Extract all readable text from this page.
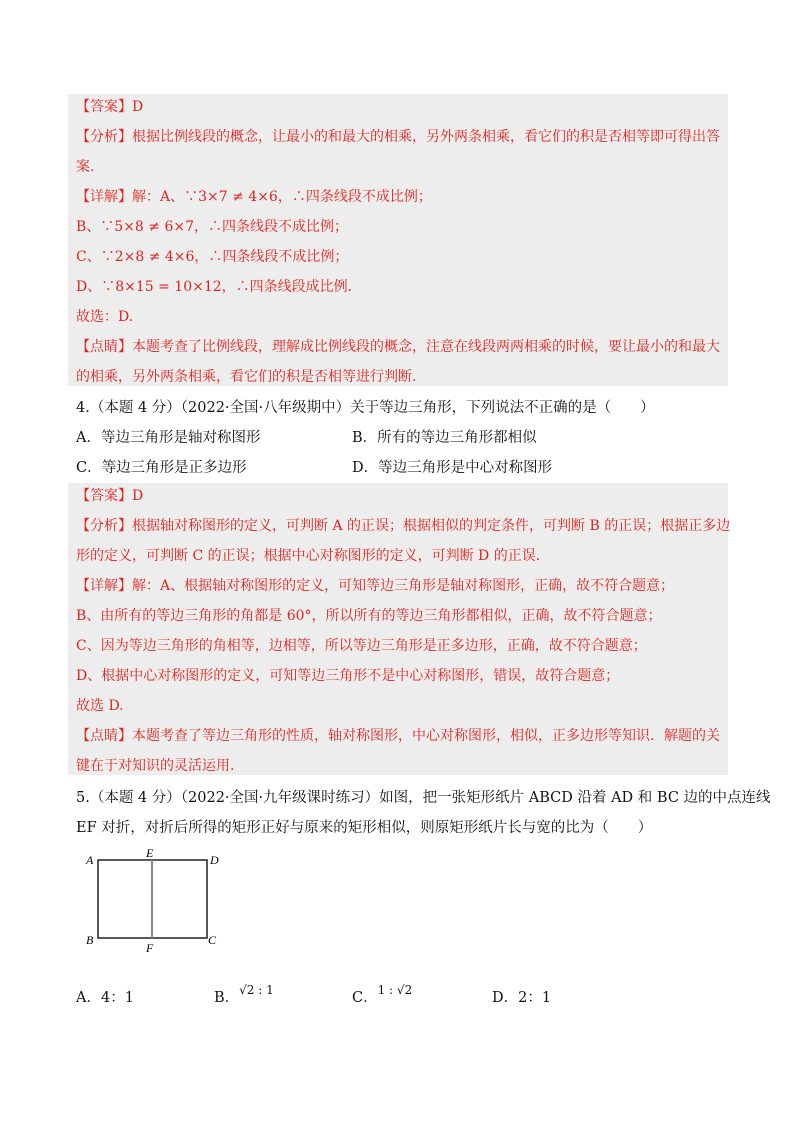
【答案】D
【分析】根据比例线段的概念，让最小的和最大的相乘，另外两条相乘，看它们的积是否相等即可得出答
案.
【详解】解：A、∵3×7 ≠ 4×6，∴四条线段不成比例；
B、∵5×8 ≠ 6×7，∴四条线段不成比例；
C、∵2×8 ≠ 4×6，∴四条线段不成比例；
D、∵8×15 = 10×12，∴四条线段成比例.
故选：D.
【点睛】本题考查了比例线段，理解成比例线段的概念，注意在线段两两相乘的时候，要让最小的和最大
的相乘，另外两条相乘，看它们的积是否相等进行判断.
4.（本题 4 分）（2022·全国·八年级期中）关于等边三角形，下列说法不正确的是（　　）
A．等边三角形是轴对称图形	B．所有的等边三角形都相似
C．等边三角形是正多边形	D．等边三角形是中心对称图形
【答案】D
【分析】根据轴对称图形的定义，可判断 A 的正误；根据相似的判定条件，可判断 B 的正误；根据正多边
形的定义，可判断 C 的正误；根据中心对称图形的定义，可判断 D 的正误.
【详解】解：A、根据轴对称图形的定义，可知等边三角形是轴对称图形，正确，故不符合题意；
B、由所有的等边三角形的角都是 60°，所以所有的等边三角形都相似，正确，故不符合题意；
C、因为等边三角形的角相等，边相等，所以等边三角形是正多边形，正确，故不符合题意；
D、根据中心对称图形的定义，可知等边三角形不是中心对称图形，错误，故符合题意；
故选 D.
【点睛】本题考查了等边三角形的性质，轴对称图形，中心对称图形，相似，正多边形等知识．解题的关
键在于对知识的灵活运用.
5.（本题 4 分）（2022·全国·九年级课时练习）如图，把一张矩形纸片 ABCD 沿着 AD 和 BC 边的中点连线
EF 对折，对折后所得的矩形正好与原来的矩形相似，则原矩形纸片长与宽的比为（　　）
A	E	D
B
F
C
A．4：1	B．$^{√2 : 1}$	C．$^{1 : √2}$	D．2：1
